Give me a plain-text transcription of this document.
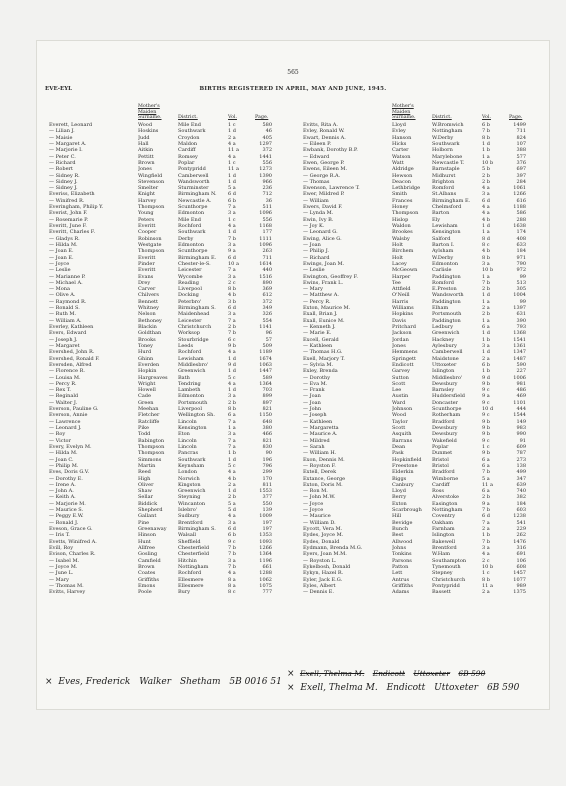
565
EVE-EYL	BIRTHS REGISTERED IN APRIL, MAY AND JUNE, 1945.
Mother's Maiden Surname.	District.	Vol.	Page.
Everett, Leonard	Wood	Mile End	1 c	580
— Lilian J.	Hoskins	Southwark	1 d	46
— Maisie	Judd	Croydon	2 a	405
— Margaret A.	Hall	Maldon	4 a	1297
— Marjorie I.	Aitkin	Cardiff	11 a	372
— Peter C.	Pettitt	Romsey	4 a	1441
— Richard	Brown	Poplar	1 c	556
— Robert	Jones	Pontypridd	11 a	1273
— Sidney R.	Wingfield	Camberwell	1 d	1390
— Sidney J.	Stevenson	Wandsworth	1 d	966
— Sidney J.	Smelter	Sturminster	5 a	236
Everiss, Elizabeth	Knight	Birmingham N.	6 d	712
— Winifred R.	Harvey	Newcastle A.	6 b	36
Everingham, Philip Y.	Thompson	Scunthorpe	7 a	511
Everist, John F.	Young	Edmonton	3 a	1096
— Rosemarie P.	Peters	Mile End	1 c	556
Everitt, June F.	Everitt	Rochford	4 a	1168
Everitt, Charles F.	Cooper	Southwark	1 d	177
— Gladys R.	Robinson	Derby	7 b	1111
— Hilda M.	Westgate	Edmonton	3 a	1096
— Joan E.	Thompson	Scunthorpe	9 a	263
— Joan E.	Everitt	Birmingham E.	6 d	711
— Joyce	Pinder	Chester-le-S.	10 a	1614
— Leslie	Everitt	Leicester	7 a	440
— Marianne P.	Evans	Wycombe	3 a	1516
— Michael A.	Drey	Reading	2 c	890
— Mona	Carver	Liverpool	8 b	369
— Olive A.	Chilvers	Docking	4 b	612
— Raymond R.	Bennett	Peterbro'	3 b	372
— Ronald S.	Whitney	Birmingham S.	6 d	349
— Ruth M.	Nelson	Maidenhead	3 a	326
— William A.	Bethoney	Leicester	7 a	554
Everley, Kathleen	Blackin	Christchurch	2 b	1141
Evers, Edward	Goldthan	Worksop	7 b	96
— Joseph J.	Brooks	Stourbridge	6 c	57
— Margaret	Toney	Leeds	9 b	509
Evershed, John R.	Hurd	Rochford	4 a	1189
Evershed, Ronald F.	Ghinn	Lewisham	1 d	1674
Eversden, Alfred	Everden	Middlesbro'	9 d	1063
— Florence R.	Hopkin	Greenwich	1 d	1447
— Louisa M.	Hargreaves	Bath	5 c	589
— Percy R.	Wright	Tendring	4 a	1364
— Rex T.	Howell	Lambeth	1 d	703
— Reginald	Cade	Edmonton	3 a	899
— Walter J.	Green	Portsmouth	2 b	897
Everson, Pauline G.	Meehan	Liverpool	8 b	821
Everson, Annie	Fletcher	Wellington Sh.	6 a	1150
— Lawrence	Ratcliffe	Lincoln	7 a	648
— Leonard J.	Pike	Kensington	1 a	380
— Roy	Todd	Eton	3 a	466
— Victor	Babington	Lincoln	7 a	821
Every, Evelyn M.	Thompson	Lincoln	7 a	830
— Hilda M.	Thompson	Pancras	1 b	90
— Joan C.	Simmons	Southwark	1 d	196
— Philip M.	Martin	Keynsham	5 c	796
Eves, Doris G.V.	Reed	London	4 a	299
— Dorothy E.	High	Norwich	4 b	170
— Irene A.	Oliver	Kingston	2 a	811
— John A.	Shaw	Greenwich	1 d	1553
— Keith A.	Sellar	Steyning	2 b	377
— Marjorie M.	Biddick	Wincanton	5 a	550
— Maurice S.	Shepherd	Islebro'	5 d	139
— Peggy E.W.	Gallant	Sudbury	4 a	1009
— Ronald J.	Pine	Brentford	3 a	197
Eveson, Grace G.	Greenaway	Birmingham S.	6 d	197
— Iris T.	Hinson	Walsall	6 b	1353
Evetts, Winifred A.	Hunt	Sheffield	9 c	1093
Evill, Roy	Allfree	Chesterfield	7 b	1266
Evison, Charles R.	Gosling	Chesterfield	7 b	1364
— Isabel M.	Camfield	Hitchin	3 a	1196
— Joyce M.	Brown	Nottingham	7 b	661
— June L.	Coates	Rochford	4 a	1288
— Mary	Griffiths	Ellesmere	8 a	1062
— Thomas M.	Emons	Ellesmere	8 a	1075
Evitts, Harvey	Poole	Bury	8 c	777
Mother's Maiden Surname.	District.	Vol.	Page.
Evitts, Rita A.	Lloyd	W.Bromwich	6 b	1499
Evley, Ronald W.	Evley	Nottingham	7 b	711
Ewart, Dennis A.	Hanson	W.Derby	8 b	824
— Eileen P.	Hicks	Southwark	1 d	107
Ewbank, Dorothy B.P.	Carter	Holborn	1 b	388
— Edward	Watson	Marylebone	1 a	577
Ewen, George P.	Watt	Newcastle T.	10 b	376
Ewens, Eileen M.	Aldridge	Barnstaple	5 b	697
— George R.A.	Hewson	Midhurst	2 b	397
— Thomas	Deacon	Brighton	2 b	284
Ewenson, Lawrence T.	Lethbridge	Romford	4 a	1061
Ewer, Mildred P.	Smith	St.Albans	3 a	1266
— William	Frances	Birmingham E.	6 d	616
Ewers, David F.	Honey	Chelmsford	4 a	1188
— Lynda M.	Thompson	Barton	4 a	586
Ewin, Ivy B.	Hislop	Ely	4 b	288
— Joy K.	Waldon	Lewisham	1 d	1638
— Leonard G.	Brookes	Kensington	1 a	174
Ewing, Alice G.	Walsby	Salford	8 d	408
— Joan	Holt	Barton I.	8 c	633
— Philip J.	Birchem	Aylsham	4 b	184
— Richard	Holt	W.Derby	8 b	971
Ewings, Joan M.	Lacey	Edmonton	3 a	790
— Leslie	McGeown	Carlisle	10 b	972
Ewington, Geoffrey F.	Harper	Paddington	1 a	99
Ewins, Frank L.	Tee	Romford	7 b	513
— Mary	Attfield	E.Preston	2 b	305
— Matthew A.	O'Neill	Wandsworth	1 d	1004
— Percy R.	Harris	Paddington	1 a	99
Exton, Maurice M.	Williams	Elham	2 a	1397
Exall, Brian J.	Hopkins	Portsmouth	2 b	631
Exall, Eunice M.	Davis	Paddington	1 a	390
— Kenneth J.	Pritchard	Ledbury	6 a	793
— Marie E.	Jackson	Greenwich	1 d	1368
Excell, Gerald	Jordan	Hackney	1 b	1541
— Kathleen	Jones	Aylesbury	3 a	1361
— Thomas H.G.	Hemmens	Camberwell	1 d	1347
Exell, Marjory T.	Springett	Maidstone	2 a	1487
— Sylvia M.	Endicott	Uttoxeter	6 b	590
Exley, Brenda	Garvey	Islington	1 b	227
— Dorothy	Sutton	Middlesbro'	9 d	1006
— Eva M.	Scott	Dewsbury	9 b	981
— Frank	Lee	Barnsley	9 c	486
— Joan	Austin	Huddersfield	9 a	469
— Joan	Ward	Doncaster	9 c	1101
— John	Johnson	Scunthorpe	10 d	444
— Joseph	Wood	Rotherham	9 c	1544
— Kathleen	Taylor	Bradford	9 b	149
— Margaretta	Scott	Dewsbury	9 b	983
— Maurice A.	Asquith	Dewsbury	9 b	990
— Mildred	Barrans	Wakefield	9 c	91
— Sarah	Dean	Poplar	1 c	609
— William H.	Pask	Dunmet	9 b	787
Exon, Dennis M.	Hopkinfield	Bristol	6 a	273
— Royston F.	Freestone	Bristol	6 a	138
Extell, Derek	Elderkin	Bradford	7 b	499
Extance, George	Biggs	Wimborne	5 a	347
Exton, Doris M.	Canbury	Cardiff	11 a	639
— Ron M.	Lloyd	Ross	6 a	740
— John M.W.	Berry	Alverstoke	2 b	382
— Joyce	Exton	Easington	9 a	184
— Joyce	Scarbrough	Nottingham	7 b	603
— Maurice	Hill	Coventry	6 d	1238
— William D.	Bevidge	Oakham	7 a	541
Eycott, Vera M.	Bunch	Farnham	2 a	229
Eydes, Joyce M.	Best	Islington	1 b	262
Eydes, Donald	Allwood	Bakewell	7 b	1476
Eydmann, Brenda M.G.	Johns	Brentford	3 a	316
Eyers, Joan M.M.	Tonkins	W.Ham	4 a	691
— Royston L.	Parsons	Southampton	2 c	106
Eykelbosh, Donald	Patton	Tynemouth	10 b	608
Eykyn, Hazel R.	Lett	Stepney	1 c	1457
Eyler, Jack E.G.	Antrus	Christchurch	8 b	1077
Eyles, Albert	Griffiths	Pontypridd	11 a	989
— Dennis E.	Adams	Bassett	2 a	1375
× Eves, Frederick Walker Shetham 5B 0016 51
× Exell, Thelma M. Endicott Uttoxeter 6B 590
× Exell, Thelma M. Endicott Uttoxeter 6B 590
